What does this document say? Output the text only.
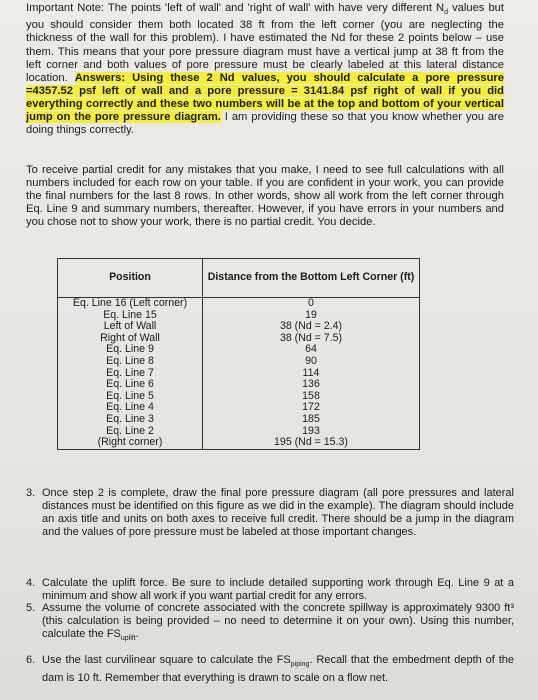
Important Note: The points 'left of wall' and 'right of wall' with have very different $N_d$ values but you should consider them both located 38 ft from the left corner (you are neglecting the thickness of the wall for this problem). I have estimated the Nd for these 2 points below – use them. This means that your pore pressure diagram must have a vertical jump at 38 ft from the left corner and both values of pore pressure must be clearly labeled at this lateral distance location. Answers: Using these 2 Nd values, you should calculate a pore pressure =4357.52 psf left of wall and a pore pressure = 3141.84 psf right of wall if you did everything correctly and these two numbers will be at the top and bottom of your vertical jump on the pore pressure diagram. I am providing these so that you know whether you are doing things correctly.
To receive partial credit for any mistakes that you make, I need to see full calculations with all numbers included for each row on your table. If you are confident in your work, you can provide the final numbers for the last 8 rows. In other words, show all work from the left corner through Eq. Line 9 and summary numbers, thereafter. However, if you have errors in your numbers and you chose not to show your work, there is no partial credit. You decide.
Position	Distance from the Bottom Left Corner (ft)
Eq. Line 16 (Left corner)	0
Eq. Line 15	19
Left of Wall	38 (Nd = 2.4)
Right of Wall	38 (Nd = 7.5)
Eq. Line 9	64
Eq. Line 8	90
Eq. Line 7	114
Eq. Line 6	136
Eq. Line 5	158
Eq. Line 4	172
Eq. Line 3	185
Eq. Line 2	193
(Right corner)	195 (Nd = 15.3)
3. Once step 2 is complete, draw the final pore pressure diagram (all pore pressures and lateral distances must be identified on this figure as we did in the example). The diagram should include an axis title and units on both axes to receive full credit. There should be a jump in the diagram and the values of pore pressure must be labeled at those important changes.
4. Calculate the uplift force. Be sure to include detailed supporting work through Eq. Line 9 at a minimum and show all work if you want partial credit for any errors.
5. Assume the volume of concrete associated with the concrete spillway is approximately 9300 ft³ (this calculation is being provided – no need to determine it on your own). Using this number, calculate the $FS_{uplift}$.
6. Use the last curvilinear square to calculate the $FS_{piping}$. Recall that the embedment depth of the dam is 10 ft. Remember that everything is drawn to scale on a flow net.
